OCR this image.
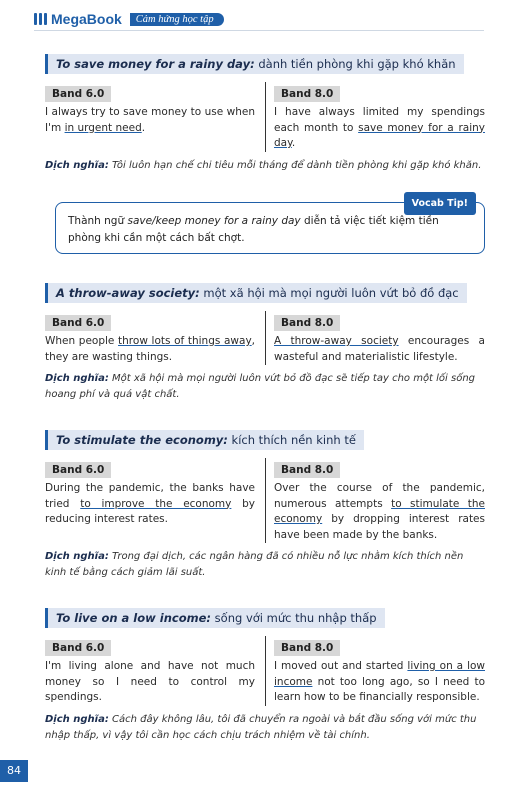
MegaBook	Cảm hứng học tập
To save money for a rainy day: dành tiền phòng khi gặp khó khăn
Band 6.0
I always try to save money to use when I'm in urgent need.
Band 8.0
I have always limited my spendings each month to save money for a rainy day.
Dịch nghĩa: Tôi luôn hạn chế chi tiêu mỗi tháng để dành tiền phòng khi gặp khó khăn.
Vocab Tip!
Thành ngữ save/keep money for a rainy day diễn tả việc tiết kiệm tiền phòng khi cần một cách bất chợt.
A throw-away society: một xã hội mà mọi người luôn vứt bỏ đồ đạc
Band 6.0
When people throw lots of things away, they are wasting things.
Band 8.0
A throw-away society encourages a wasteful and materialistic lifestyle.
Dịch nghĩa: Một xã hội mà mọi người luôn vứt bỏ đồ đạc sẽ tiếp tay cho một lối sống hoang phí và quá vật chất.
To stimulate the economy: kích thích nền kinh tế
Band 6.0
During the pandemic, the banks have tried to improve the economy by reducing interest rates.
Band 8.0
Over the course of the pandemic, numerous attempts to stimulate the economy by dropping interest rates have been made by the banks.
Dịch nghĩa: Trong đại dịch, các ngân hàng đã có nhiều nỗ lực nhằm kích thích nền kinh tế bằng cách giảm lãi suất.
To live on a low income: sống với mức thu nhập thấp
Band 6.0
I'm living alone and have not much money so I need to control my spendings.
Band 8.0
I moved out and started living on a low income not too long ago, so I need to learn how to be financially responsible.
Dịch nghĩa: Cách đây không lâu, tôi đã chuyển ra ngoài và bắt đầu sống với mức thu nhập thấp, vì vậy tôi cần học cách chịu trách nhiệm về tài chính.
84
